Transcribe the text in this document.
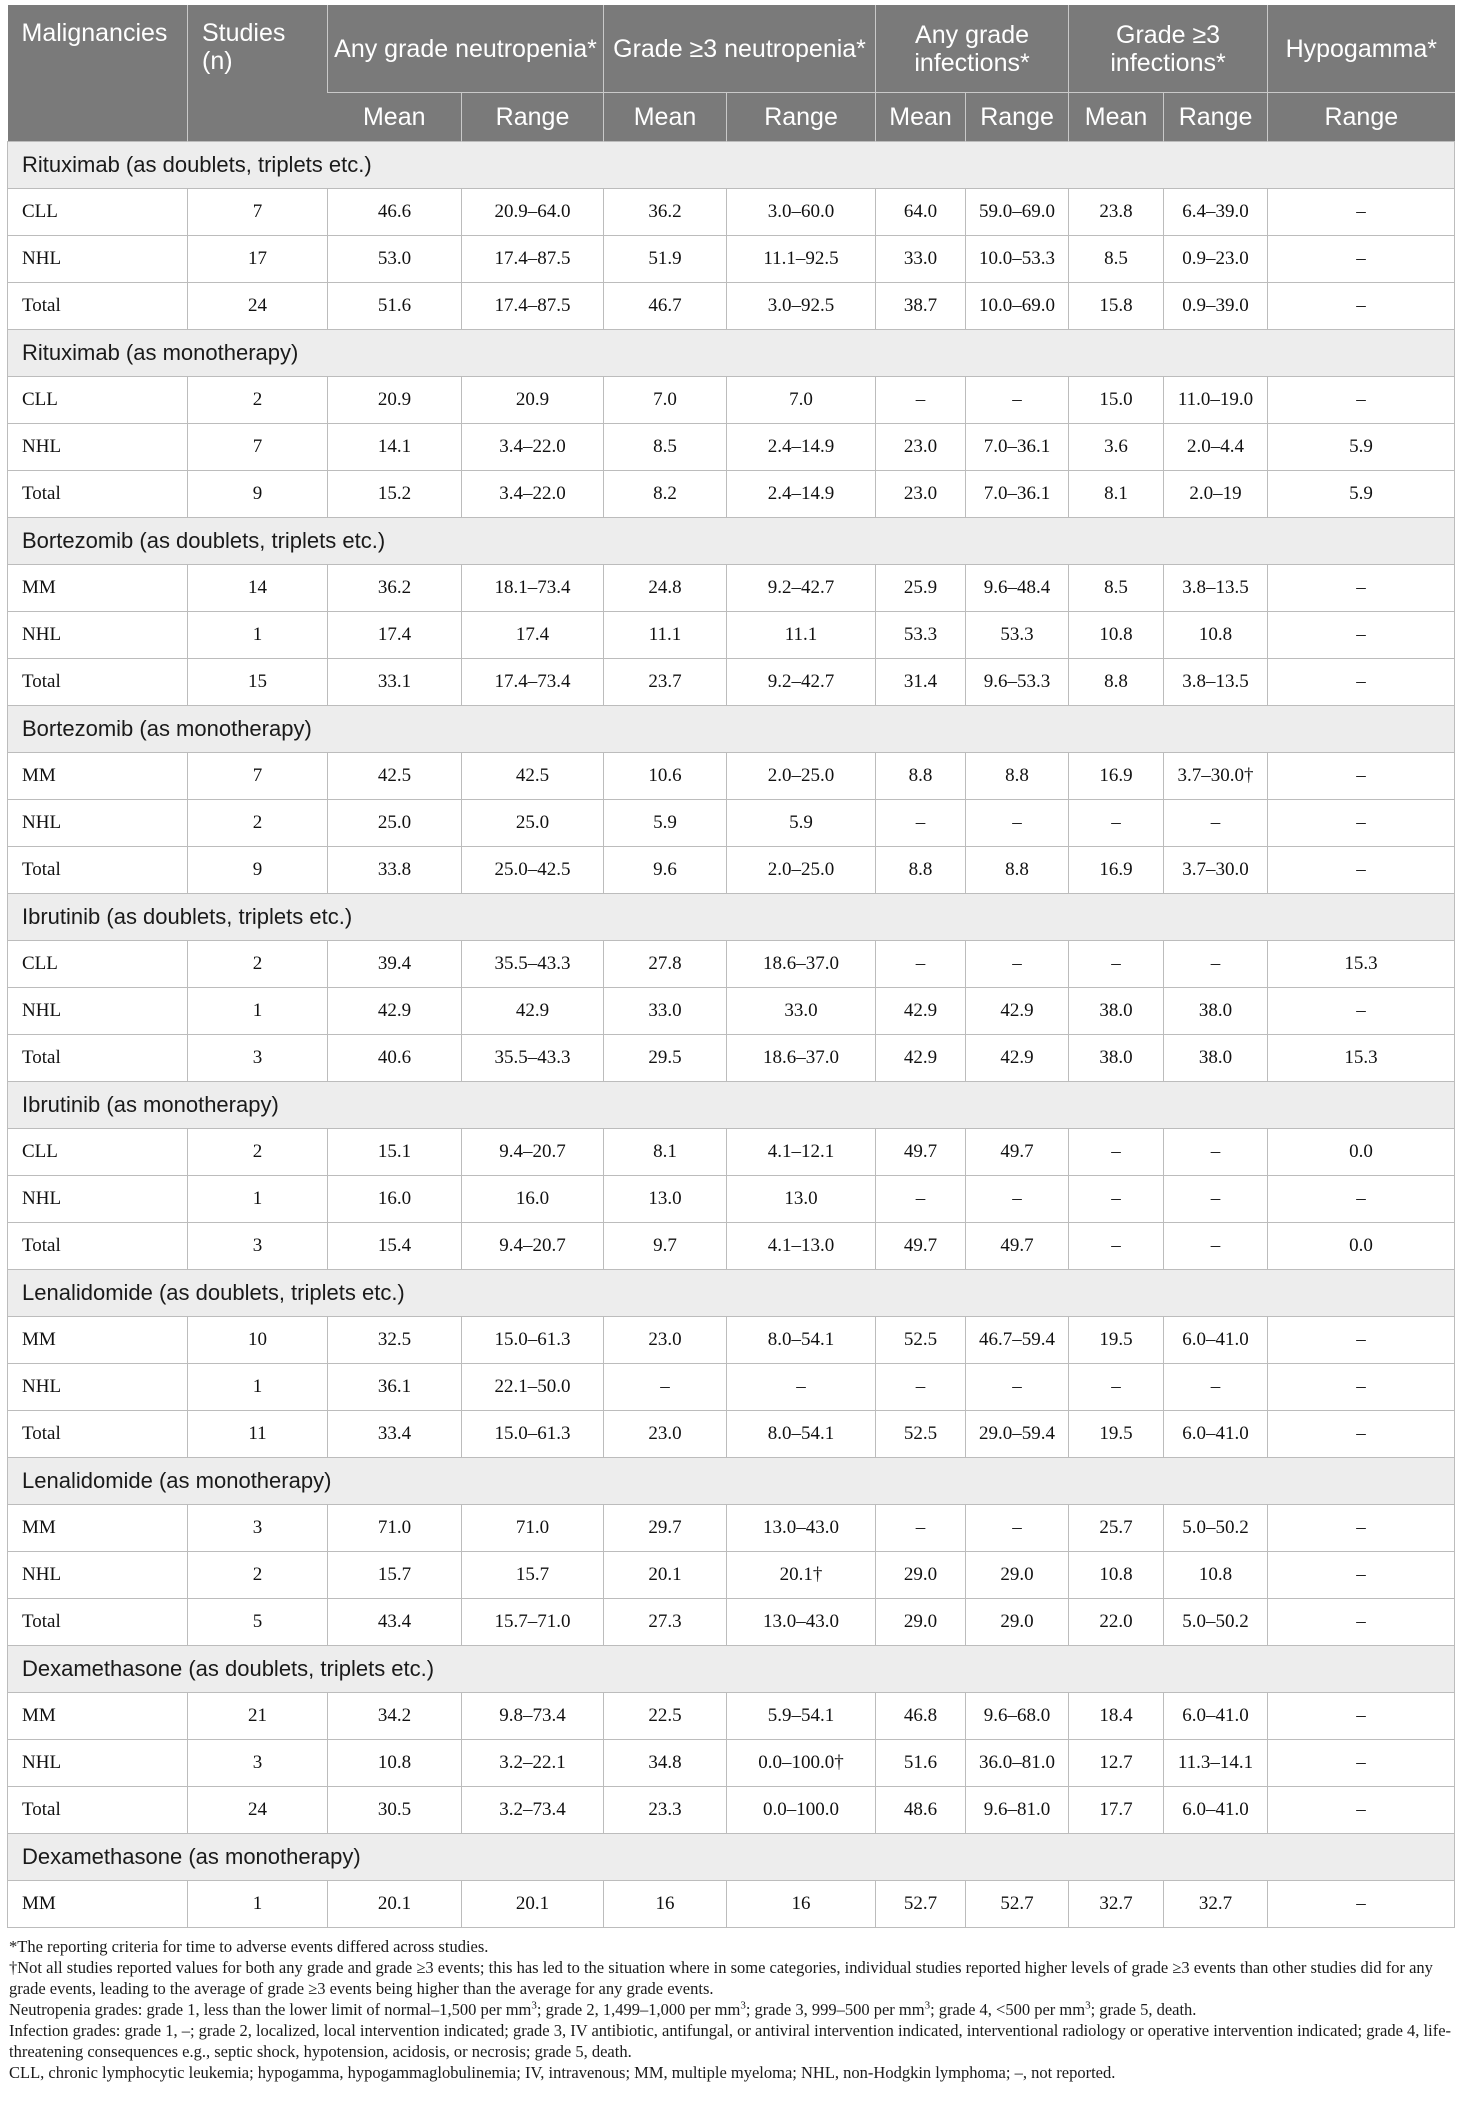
Malignancies	Studies (n)	Any grade neutropenia*		Grade ≥3 neutropenia*		Any grade infections*		Grade ≥3 infections*		Hypogamma*
		Mean	Range	Mean	Range	Mean	Range	Mean	Range	Range
Rituximab (as doublets, triplets etc.)										
CLL	7	46.6	20.9–64.0	36.2	3.0–60.0	64.0	59.0–69.0	23.8	6.4–39.0	–
NHL	17	53.0	17.4–87.5	51.9	11.1–92.5	33.0	10.0–53.3	8.5	0.9–23.0	–
Total	24	51.6	17.4–87.5	46.7	3.0–92.5	38.7	10.0–69.0	15.8	0.9–39.0	–
Rituximab (as monotherapy)										
CLL	2	20.9	20.9	7.0	7.0	–	–	15.0	11.0–19.0	–
NHL	7	14.1	3.4–22.0	8.5	2.4–14.9	23.0	7.0–36.1	3.6	2.0–4.4	5.9
Total	9	15.2	3.4–22.0	8.2	2.4–14.9	23.0	7.0–36.1	8.1	2.0–19	5.9
Bortezomib (as doublets, triplets etc.)										
MM	14	36.2	18.1–73.4	24.8	9.2–42.7	25.9	9.6–48.4	8.5	3.8–13.5	–
NHL	1	17.4	17.4	11.1	11.1	53.3	53.3	10.8	10.8	–
Total	15	33.1	17.4–73.4	23.7	9.2–42.7	31.4	9.6–53.3	8.8	3.8–13.5	–
Bortezomib (as monotherapy)										
MM	7	42.5	42.5	10.6	2.0–25.0	8.8	8.8	16.9	3.7–30.0†	–
NHL	2	25.0	25.0	5.9	5.9	–	–	–	–	–
Total	9	33.8	25.0–42.5	9.6	2.0–25.0	8.8	8.8	16.9	3.7–30.0	–
Ibrutinib (as doublets, triplets etc.)										
CLL	2	39.4	35.5–43.3	27.8	18.6–37.0	–	–	–	–	15.3
NHL	1	42.9	42.9	33.0	33.0	42.9	42.9	38.0	38.0	–
Total	3	40.6	35.5–43.3	29.5	18.6–37.0	42.9	42.9	38.0	38.0	15.3
Ibrutinib (as monotherapy)										
CLL	2	15.1	9.4–20.7	8.1	4.1–12.1	49.7	49.7	–	–	0.0
NHL	1	16.0	16.0	13.0	13.0	–	–	–	–	–
Total	3	15.4	9.4–20.7	9.7	4.1–13.0	49.7	49.7	–	–	0.0
Lenalidomide (as doublets, triplets etc.)										
MM	10	32.5	15.0–61.3	23.0	8.0–54.1	52.5	46.7–59.4	19.5	6.0–41.0	–
NHL	1	36.1	22.1–50.0	–	–	–	–	–	–	–
Total	11	33.4	15.0–61.3	23.0	8.0–54.1	52.5	29.0–59.4	19.5	6.0–41.0	–
Lenalidomide (as monotherapy)										
MM	3	71.0	71.0	29.7	13.0–43.0	–	–	25.7	5.0–50.2	–
NHL	2	15.7	15.7	20.1	20.1†	29.0	29.0	10.8	10.8	–
Total	5	43.4	15.7–71.0	27.3	13.0–43.0	29.0	29.0	22.0	5.0–50.2	–
Dexamethasone (as doublets, triplets etc.)										
MM	21	34.2	9.8–73.4	22.5	5.9–54.1	46.8	9.6–68.0	18.4	6.0–41.0	–
NHL	3	10.8	3.2–22.1	34.8	0.0–100.0†	51.6	36.0–81.0	12.7	11.3–14.1	–
Total	24	30.5	3.2–73.4	23.3	0.0–100.0	48.6	9.6–81.0	17.7	6.0–41.0	–
Dexamethasone (as monotherapy)										
MM	1	20.1	20.1	16	16	52.7	52.7	32.7	32.7	–

*The reporting criteria for time to adverse events differed across studies.

†Not all studies reported values for both any grade and grade ≥3 events; this has led to the situation where in some categories, individual studies reported higher levels of grade ≥3 events than other studies did for any grade events, leading to the average of grade ≥3 events being higher than the average for any grade events.

Neutropenia grades: grade 1, less than the lower limit of normal–1,500 per $mm^3$; grade 2, 1,499–1,000 per $mm^3$; grade 3, 999–500 per $mm^3$; grade 4, <500 per $mm^3$; grade 5, death.

Infection grades: grade 1, –; grade 2, localized, local intervention indicated; grade 3, IV antibiotic, antifungal, or antiviral intervention indicated, interventional radiology or operative intervention indicated; grade 4, life-threatening consequences e.g., septic shock, hypotension, acidosis, or necrosis; grade 5, death.

CLL, chronic lymphocytic leukemia; hypogamma, hypogammaglobulinemia; IV, intravenous; MM, multiple myeloma; NHL, non-Hodgkin lymphoma; –, not reported.
